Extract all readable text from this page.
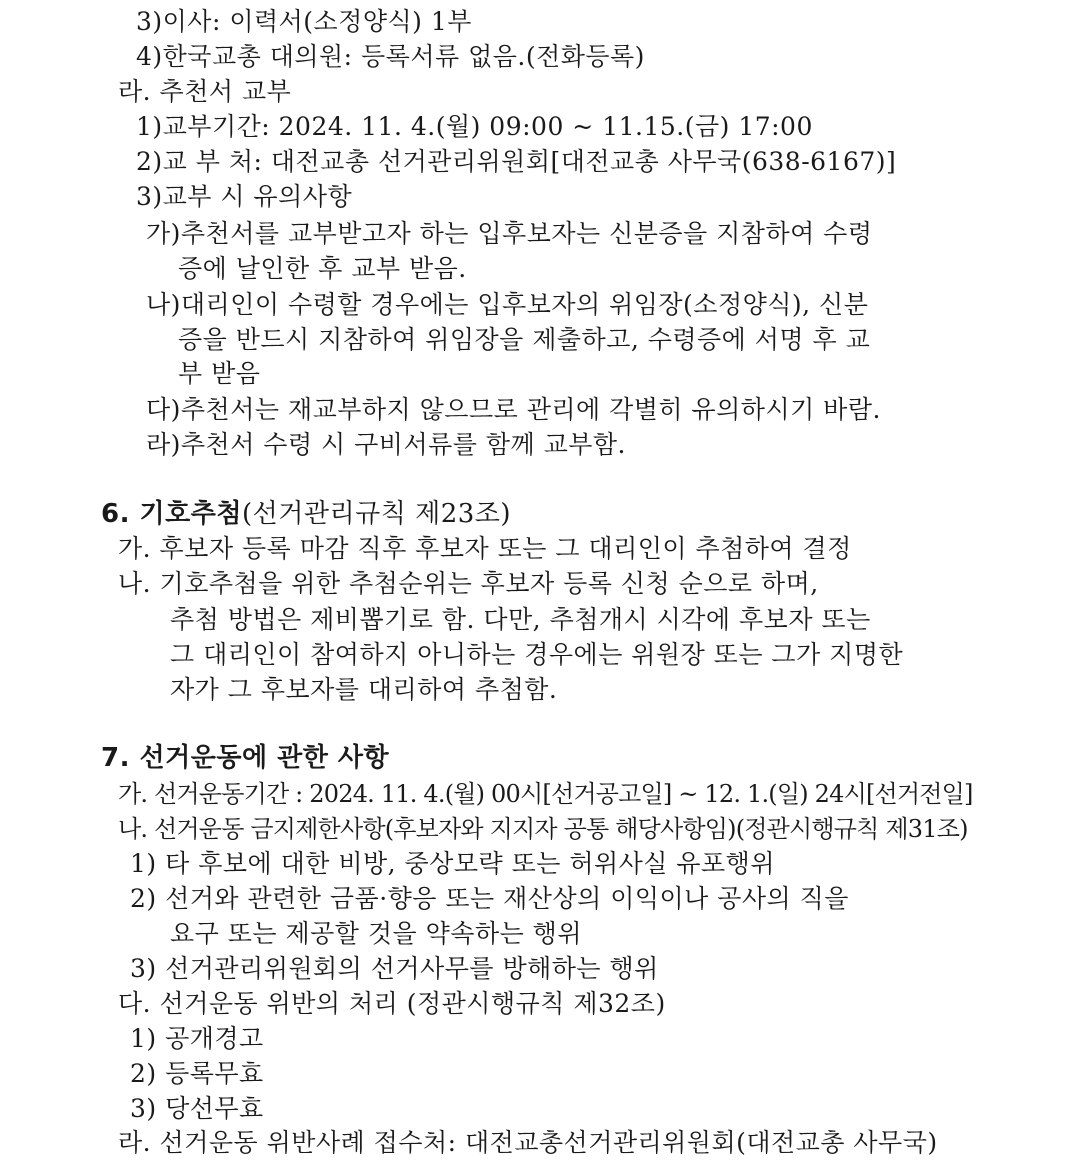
3)이사: 이력서(소정양식) 1부
4)한국교총 대의원: 등록서류 없음.(전화등록)
라. 추천서 교부
1)교부기간: 2024. 11. 4.(월) 09:00 ~ 11.15.(금) 17:00
2)교 부 처: 대전교총 선거관리위원회[대전교총 사무국(638-6167)]
3)교부 시 유의사항
가)추천서를 교부받고자 하는 입후보자는 신분증을 지참하여 수령
증에 날인한 후 교부 받음.
나)대리인이 수령할 경우에는 입후보자의 위임장(소정양식), 신분
증을 반드시 지참하여 위임장을 제출하고, 수령증에 서명 후 교
부 받음
다)추천서는 재교부하지 않으므로 관리에 각별히 유의하시기 바람.
라)추천서 수령 시 구비서류를 함께 교부함.
6. 기호추첨(선거관리규칙 제23조)
가. 후보자 등록 마감 직후 후보자 또는 그 대리인이 추첨하여 결정
나. 기호추첨을 위한 추첨순위는 후보자 등록 신청 순으로 하며,
추첨 방법은 제비뽑기로 함. 다만, 추첨개시 시각에 후보자 또는
그 대리인이 참여하지 아니하는 경우에는 위원장 또는 그가 지명한
자가 그 후보자를 대리하여 추첨함.
7. 선거운동에 관한 사항
가. 선거운동기간 : 2024. 11. 4.(월) 00시[선거공고일] ~ 12. 1.(일) 24시[선거전일]
나. 선거운동 금지제한사항(후보자와 지지자 공통 해당사항임)(정관시행규칙 제31조)
1) 타 후보에 대한 비방, 중상모략 또는 허위사실 유포행위
2) 선거와 관련한 금품·향응 또는 재산상의 이익이나 공사의 직을
요구 또는 제공할 것을 약속하는 행위
3) 선거관리위원회의 선거사무를 방해하는 행위
다. 선거운동 위반의 처리 (정관시행규칙 제32조)
1) 공개경고
2) 등록무효
3) 당선무효
라. 선거운동 위반사례 접수처: 대전교총선거관리위원회(대전교총 사무국)
